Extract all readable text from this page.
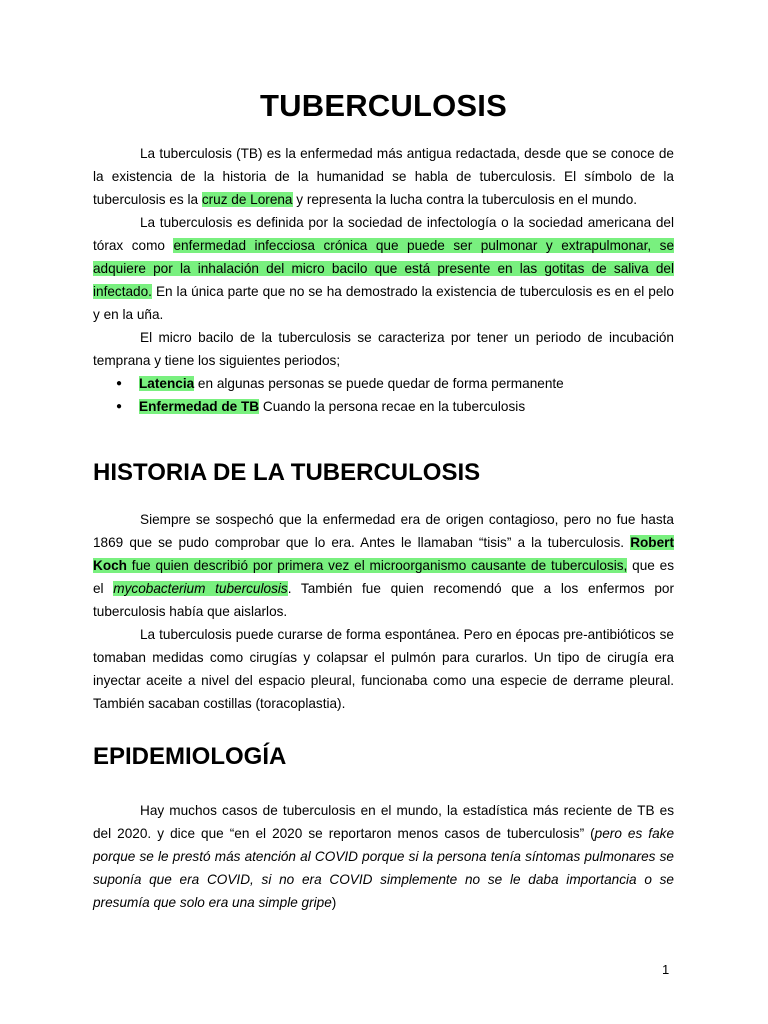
TUBERCULOSIS

La tuberculosis (TB) es la enfermedad más antigua redactada, desde que se conoce de la existencia de la historia de la humanidad se habla de tuberculosis. El símbolo de la tuberculosis es la cruz de Lorena y representa la lucha contra la tuberculosis en el mundo.

La tuberculosis es definida por la sociedad de infectología o la sociedad americana del tórax como enfermedad infecciosa crónica que puede ser pulmonar y extrapulmonar, se adquiere por la inhalación del micro bacilo que está presente en las gotitas de saliva del infectado. En la única parte que no se ha demostrado la existencia de tuberculosis es en el pelo y en la uña.

El micro bacilo de la tuberculosis se caracteriza por tener un periodo de incubación temprana y tiene los siguientes periodos;

● Latencia en algunas personas se puede quedar de forma permanente
● Enfermedad de TB Cuando la persona recae en la tuberculosis
HISTORIA DE LA TUBERCULOSIS

Siempre se sospechó que la enfermedad era de origen contagioso, pero no fue hasta 1869 que se pudo comprobar que lo era. Antes le llamaban “tisis” a la tuberculosis. Robert Koch fue quien describió por primera vez el microorganismo causante de tuberculosis, que es el mycobacterium tuberculosis. También fue quien recomendó que a los enfermos por tuberculosis había que aislarlos.

La tuberculosis puede curarse de forma espontánea. Pero en épocas pre-antibióticos se tomaban medidas como cirugías y colapsar el pulmón para curarlos. Un tipo de cirugía era inyectar aceite a nivel del espacio pleural, funcionaba como una especie de derrame pleural. También sacaban costillas (toracoplastia).

EPIDEMIOLOGÍA

Hay muchos casos de tuberculosis en el mundo, la estadística más reciente de TB es del 2020. y dice que “en el 2020 se reportaron menos casos de tuberculosis” (pero es fake porque se le prestó más atención al COVID porque si la persona tenía síntomas pulmonares se suponía que era COVID, si no era COVID simplemente no se le daba importancia o se presumía que solo era una simple gripe)

1
